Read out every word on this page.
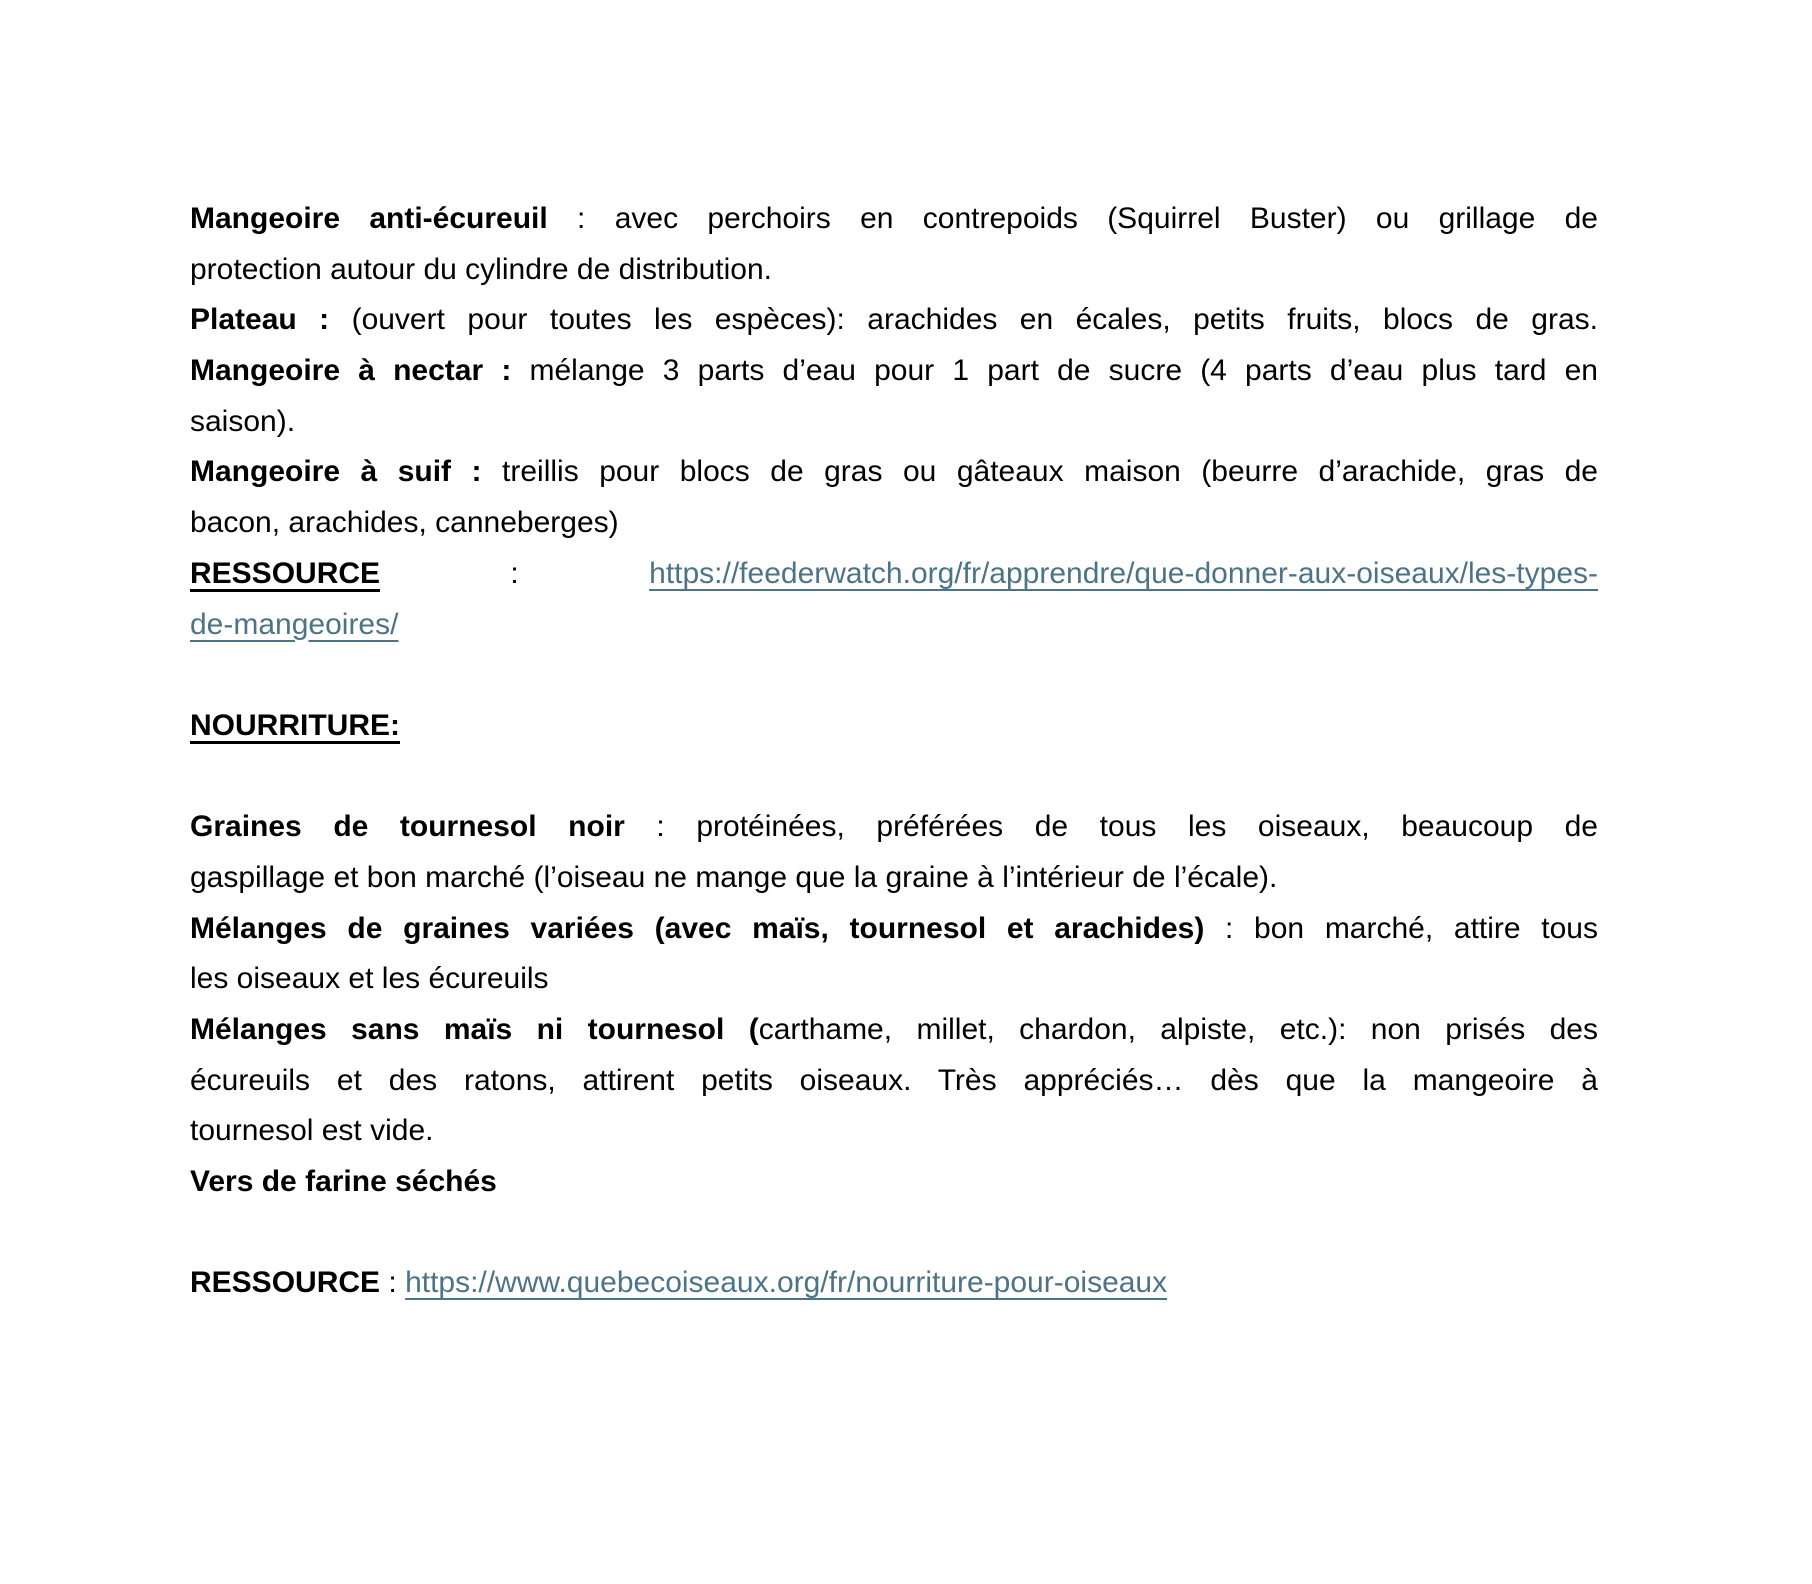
Mangeoire anti-écureuil : avec perchoirs en contrepoids (Squirrel Buster) ou grillage de
protection autour du cylindre de distribution.
Plateau : (ouvert pour toutes les espèces): arachides en écales, petits fruits, blocs de gras.
Mangeoire à nectar : mélange 3 parts d’eau pour 1 part de sucre (4 parts d’eau plus tard en
saison).
Mangeoire à suif : treillis pour blocs de gras ou gâteaux maison (beurre d’arachide, gras de
bacon, arachides, canneberges)
RESSOURCE : https://feederwatch.org/fr/apprendre/que-donner-aux-oiseaux/les-types-
de-mangeoires/

NOURRITURE:

Graines de tournesol noir : protéinées, préférées de tous les oiseaux, beaucoup de
gaspillage et bon marché (l’oiseau ne mange que la graine à l’intérieur de l’écale).
Mélanges de graines variées (avec maïs, tournesol et arachides) : bon marché, attire tous
les oiseaux et les écureuils
Mélanges sans maïs ni tournesol (carthame, millet, chardon, alpiste, etc.): non prisés des
écureuils et des ratons, attirent petits oiseaux. Très appréciés… dès que la mangeoire à
tournesol est vide.
Vers de farine séchés

RESSOURCE : https://www.quebecoiseaux.org/fr/nourriture-pour-oiseaux
